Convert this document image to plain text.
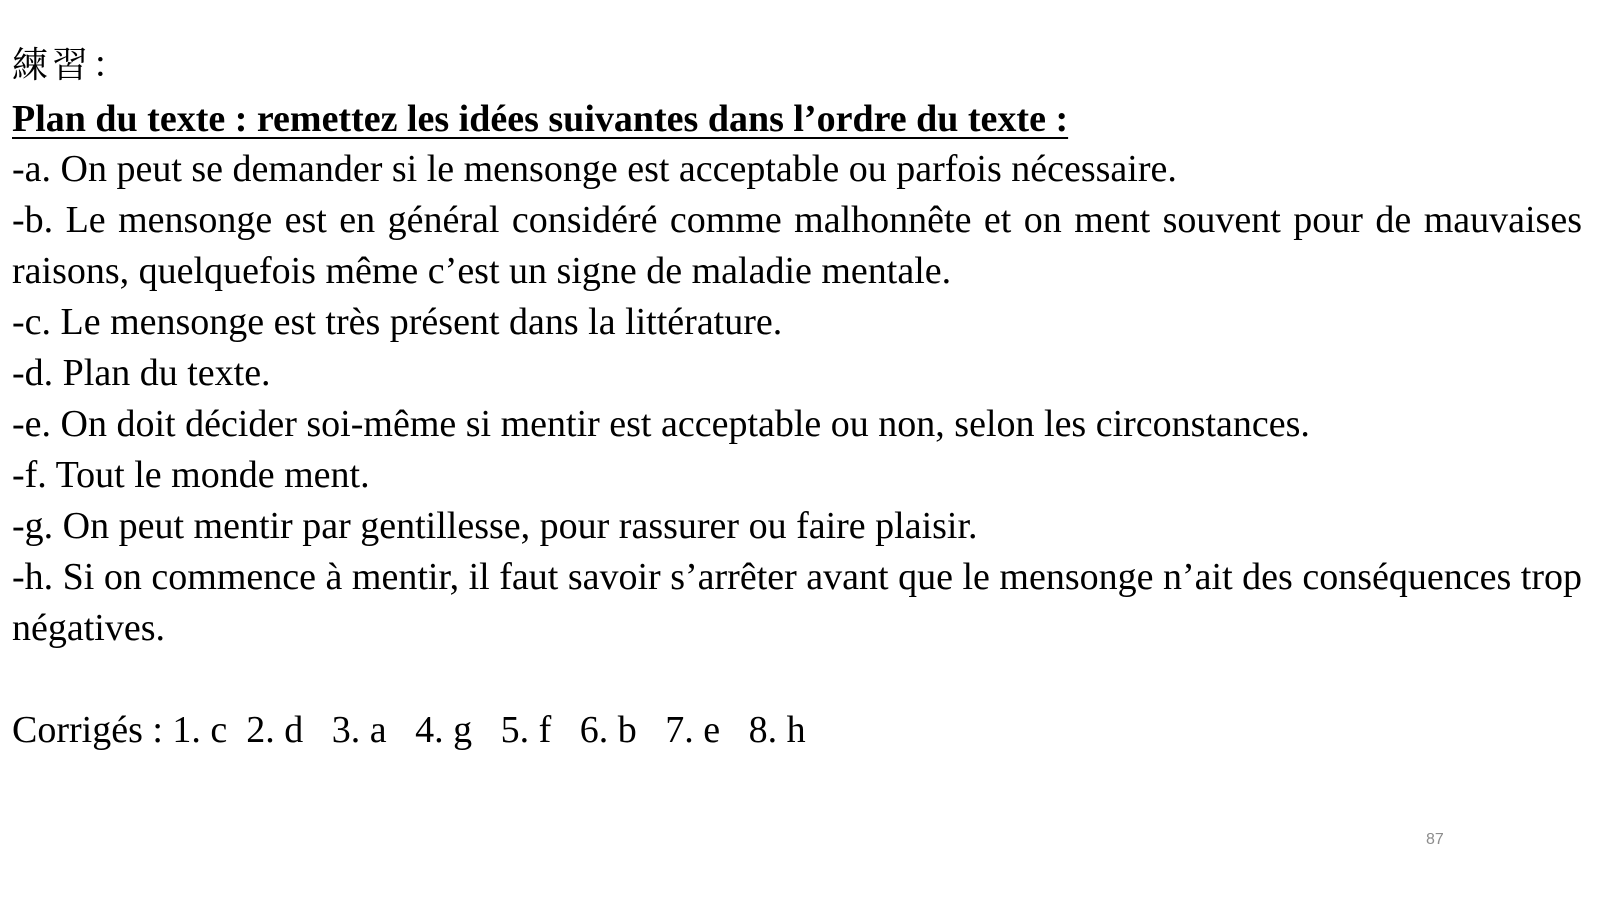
練習：
Plan du texte : remettez les idées suivantes dans l’ordre du texte :
-a. On peut se demander si le mensonge est acceptable ou parfois nécessaire.
-b. Le mensonge est en général considéré comme malhonnête et on ment souvent pour de mauvaises raisons, quelquefois même c’est un signe de maladie mentale.
-c. Le mensonge est très présent dans la littérature.
-d. Plan du texte.
-e. On doit décider soi-même si mentir est acceptable ou non, selon les circonstances.
-f. Tout le monde ment.
-g. On peut mentir par gentillesse, pour rassurer ou faire plaisir.
-h. Si on commence à mentir, il faut savoir s’arrêter avant que le mensonge n’ait des conséquences trop négatives.
Corrigés : 1. c  2. d   3. a   4. g   5. f   6. b   7. e   8. h
87
